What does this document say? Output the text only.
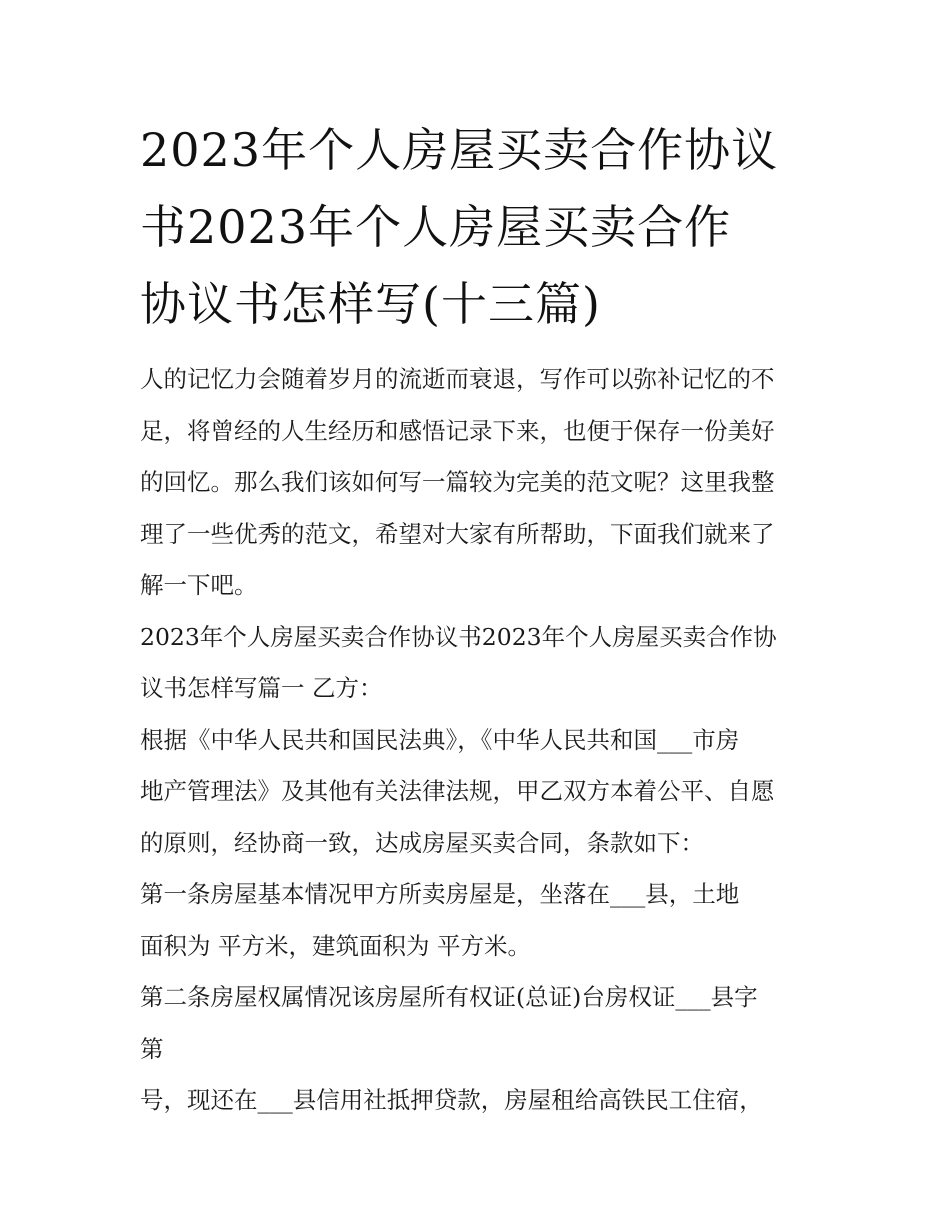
2023年个人房屋买卖合作协议
书2023年个人房屋买卖合作
协议书怎样写(十三篇)
人的记忆力会随着岁月的流逝而衰退，写作可以弥补记忆的不
足，将曾经的人生经历和感悟记录下来，也便于保存一份美好
的回忆。那么我们该如何写一篇较为完美的范文呢？这里我整
理了一些优秀的范文，希望对大家有所帮助，下面我们就来了
解一下吧。
2023年个人房屋买卖合作协议书2023年个人房屋买卖合作协
议书怎样写篇一 乙方：
根据《中华人民共和国民法典》，《中华人民共和国___市房
地产管理法》及其他有关法律法规，甲乙双方本着公平、自愿
的原则，经协商一致，达成房屋买卖合同，条款如下：
第一条房屋基本情况甲方所卖房屋是，坐落在___县，土地
面积为 平方米，建筑面积为 平方米。
第二条房屋权属情况该房屋所有权证(总证)台房权证___县字
第
号，现还在___县信用社抵押贷款，房屋租给高铁民工住宿，
